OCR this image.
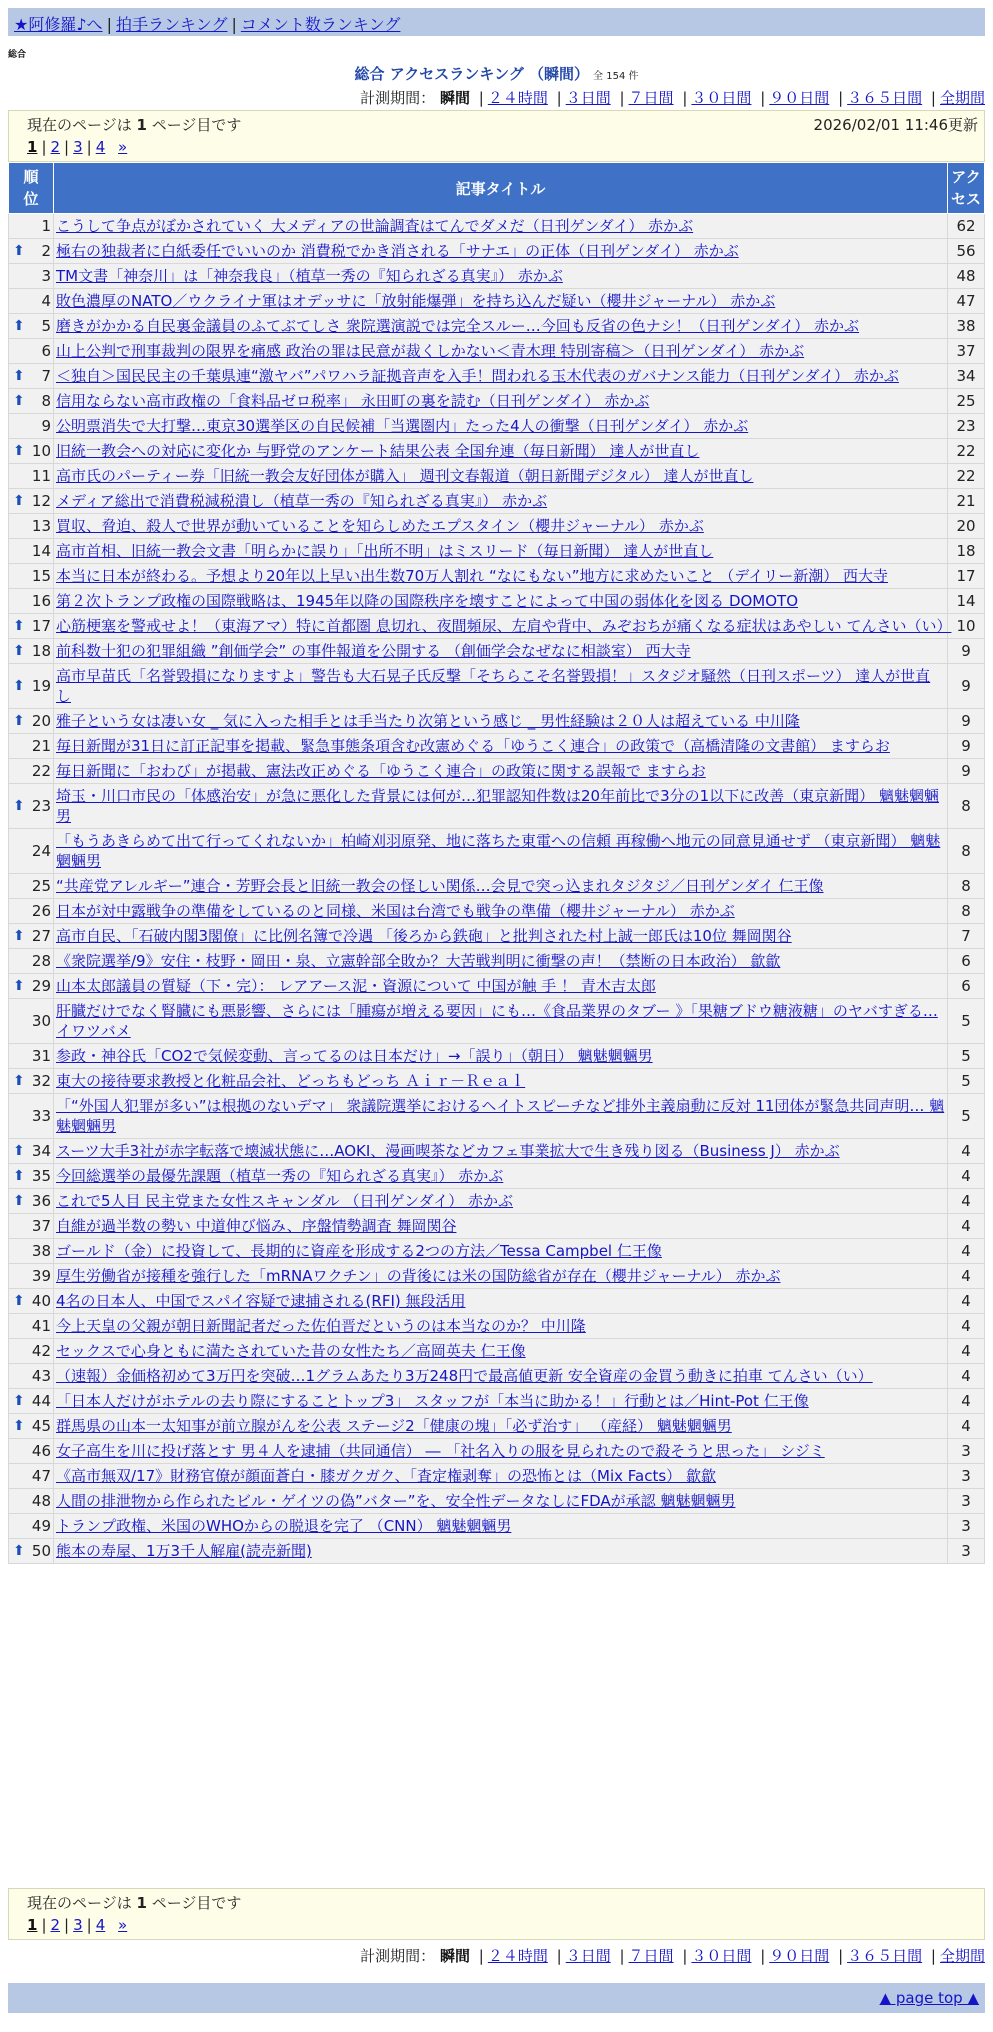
★阿修羅♪へ | 拍手ランキング | コメント数ランキング
総合
総合 アクセスランキング （瞬間） 全 154 件
計測期間： 瞬間 | ２４時間 | ３日間 | ７日間 | ３０日間 | ９０日間 | ３６５日間 | 全期間
現在のページは 1 ページ目です	2026/02/01 11:46更新
1 | 2 | 3 | 4 »
順位	記事タイトル	アクセス

1	こうして争点がぼかされていく 大メディアの世論調査はてんでダメだ（日刊ゲンダイ） 赤かぶ	62

⬆ 2	極右の独裁者に白紙委任でいいのか 消費税でかき消される「サナエ」の正体（日刊ゲンダイ） 赤かぶ	56
3	TM文書「神奈川」は「神奈我良」（植草一秀の『知られざる真実』） 赤かぶ	48
4	敗色濃厚のNATO／ウクライナ軍はオデッサに「放射能爆弾」を持ち込んだ疑い（櫻井ジャーナル） 赤かぶ	47

⬆ 5	磨きがかかる自民裏金議員のふてぶてしさ 衆院選演説では完全スルー…今回も反省の色ナシ！（日刊ゲンダイ） 赤かぶ	38
6	山上公判で刑事裁判の限界を痛感 政治の罪は民意が裁くしかない＜青木理 特別寄稿＞（日刊ゲンダイ） 赤かぶ	37

⬆ 7	＜独自＞国民民主の千葉県連“激ヤバ”パワハラ証拠音声を入手！問われる玉木代表のガバナンス能力（日刊ゲンダイ） 赤かぶ	34

⬆ 8	信用ならない高市政権の「食料品ゼロ税率」 永田町の裏を読む（日刊ゲンダイ） 赤かぶ	25
9	公明票消失で大打撃…東京30選挙区の自民候補「当選圏内」たった4人の衝撃（日刊ゲンダイ） 赤かぶ	23

⬆ 10	旧統一教会への対応に変化か 与野党のアンケート結果公表 全国弁連（毎日新聞） 達人が世直し	22
11	高市氏のパーティー券「旧統一教会友好団体が購入」 週刊文春報道（朝日新聞デジタル） 達人が世直し	22

⬆ 12	メディア総出で消費税減税潰し（植草一秀の『知られざる真実』） 赤かぶ	21
13	買収、脅迫、殺人で世界が動いていることを知らしめたエプスタイン（櫻井ジャーナル） 赤かぶ	20
14	高市首相、旧統一教会文書「明らかに誤り」「出所不明」はミスリード（毎日新聞） 達人が世直し	18
15	本当に日本が終わる。予想より20年以上早い出生数70万人割れ “なにもない”地方に求めたいこと （デイリー新潮） 西大寺	17
16	第２次トランプ政権の国際戦略は、1945年以降の国際秩序を壊すことによって中国の弱体化を図る DOMOTO	14

⬆ 17	心筋梗塞を警戒せよ！（東海アマ）特に首都圏 息切れ、夜間頻尿、左肩や背中、みぞおちが痛くなる症状はあやしい てんさい（い）	10

⬆ 18	前科数十犯の犯罪組織 ”創価学会” の事件報道を公開する （創価学会なぜなに相談室） 西大寺	9

⬆ 19	高市早苗氏「名誉毀損になりますよ」警告も大石晃子氏反撃「そちらこそ名誉毀損！」スタジオ騒然（日刊スポーツ） 達人が世直し	9

⬆ 20	雅子という女は凄い女 _ 気に入った相手とは手当たり次第という感じ _ 男性経験は２０人は超えている 中川隆	9
21	毎日新聞が31日に訂正記事を掲載、緊急事態条項含む改憲めぐる「ゆうこく連合」の政策で（高橋清隆の文書館） ますらお	9
22	毎日新聞に「おわび」が掲載、憲法改正めぐる「ゆうこく連合」の政策に関する誤報で ますらお	9

⬆ 23	埼玉・川口市民の「体感治安」が急に悪化した背景には何が…犯罪認知件数は20年前比で3分の1以下に改善（東京新聞） 魑魅魍魎男	8
24	「もうあきらめて出て行ってくれないか」柏崎刈羽原発、地に落ちた東電への信頼 再稼働へ地元の同意見通せず （東京新聞） 魑魅魍魎男	8
25	“共産党アレルギー”連合・芳野会長と旧統一教会の怪しい関係…会見で突っ込まれタジタジ／日刊ゲンダイ 仁王像	8
26	日本が対中露戦争の準備をしているのと同様、米国は台湾でも戦争の準備（櫻井ジャーナル） 赤かぶ	8

⬆ 27	高市自民、「石破内閣3閣僚」に比例名簿で冷遇 「後ろから鉄砲」と批判された村上誠一郎氏は10位 舞岡関谷	7
28	《衆院選挙/9》安住・枝野・岡田・泉、立憲幹部全敗か？大苦戦判明に衝撃の声！（禁断の日本政治） 歙歙	6

⬆ 29	山本太郎議員の質疑（下・完）： レアアース泥・資源について 中国が触 手 ！ 青木吉太郎	6
30	肝臓だけでなく腎臓にも悪影響、さらには「腫瘍が増える要因」にも…《食品業界のタブー 》「果糖ブドウ糖液糖」のヤバすぎる… イワツバメ	5
31	参政・神谷氏「CO2で気候変動、言ってるのは日本だけ」→「誤り」（朝日） 魑魅魍魎男	5

⬆ 32	東大の接待要求教授と化粧品会社、どっちもどっち Ａｉｒ－Ｒｅａｌ	5
33	「“外国人犯罪が多い”は根拠のないデマ」 衆議院選挙におけるヘイトスピーチなど排外主義扇動に反対 11団体が緊急共同声明… 魑魅魍魎男	5

⬆ 34	スーツ大手3社が赤字転落で壊滅状態に…AOKI、漫画喫茶などカフェ事業拡大で生き残り図る（Business J） 赤かぶ	4

⬆ 35	今回総選挙の最優先課題（植草一秀の『知られざる真実』） 赤かぶ	4

⬆ 36	これで5人目 民主党また女性スキャンダル （日刊ゲンダイ） 赤かぶ	4
37	自維が過半数の勢い 中道伸び悩み、序盤情勢調査 舞岡関谷	4
38	ゴールド（金）に投資して、長期的に資産を形成する2つの方法／Tessa Campbel 仁王像	4
39	厚生労働省が接種を強行した「mRNAワクチン」の背後には米の国防総省が存在（櫻井ジャーナル） 赤かぶ	4

⬆ 40	4名の日本人、中国でスパイ容疑で逮捕される(RFI) 無段活用	4
41	今上天皇の父親が朝日新聞記者だった佐伯晋だというのは本当なのか？ 中川隆	4
42	セックスで心身ともに満たされていた昔の女性たち／高岡英夫 仁王像	4
43	（速報）金価格初めて3万円を突破…1グラムあたり3万248円で最高値更新 安全資産の金買う動きに拍車 てんさい（い）	4

⬆ 44	「日本人だけがホテルの去り際にすることトップ3」 スタッフが「本当に助かる！」行動とは／Hint-Pot 仁王像	4

⬆ 45	群馬県の山本一太知事が前立腺がんを公表 ステージ2「健康の塊」「必ず治す」 （産経） 魑魅魍魎男	4
46	女子高生を川に投げ落とす 男４人を逮捕（共同通信） ― 「社名入りの服を見られたので殺そうと思った」 シジミ	3
47	《高市無双/17》財務官僚が顔面蒼白・膝ガクガク、「査定権剥奪」の恐怖とは（Mix Facts） 歙歙	3
48	人間の排泄物から作られたビル・ゲイツの偽”バター”を、安全性データなしにFDAが承認 魑魅魍魎男	3
49	トランプ政権、米国のWHOからの脱退を完了 （CNN） 魑魅魍魎男	3

⬆ 50	熊本の寿屋、1万3千人解雇(読売新聞)	3
現在のページは 1 ページ目です
1 | 2 | 3 | 4 »
計測期間： 瞬間 | ２４時間 | ３日間 | ７日間 | ３０日間 | ９０日間 | ３６５日間 | 全期間
▲ page top ▲
